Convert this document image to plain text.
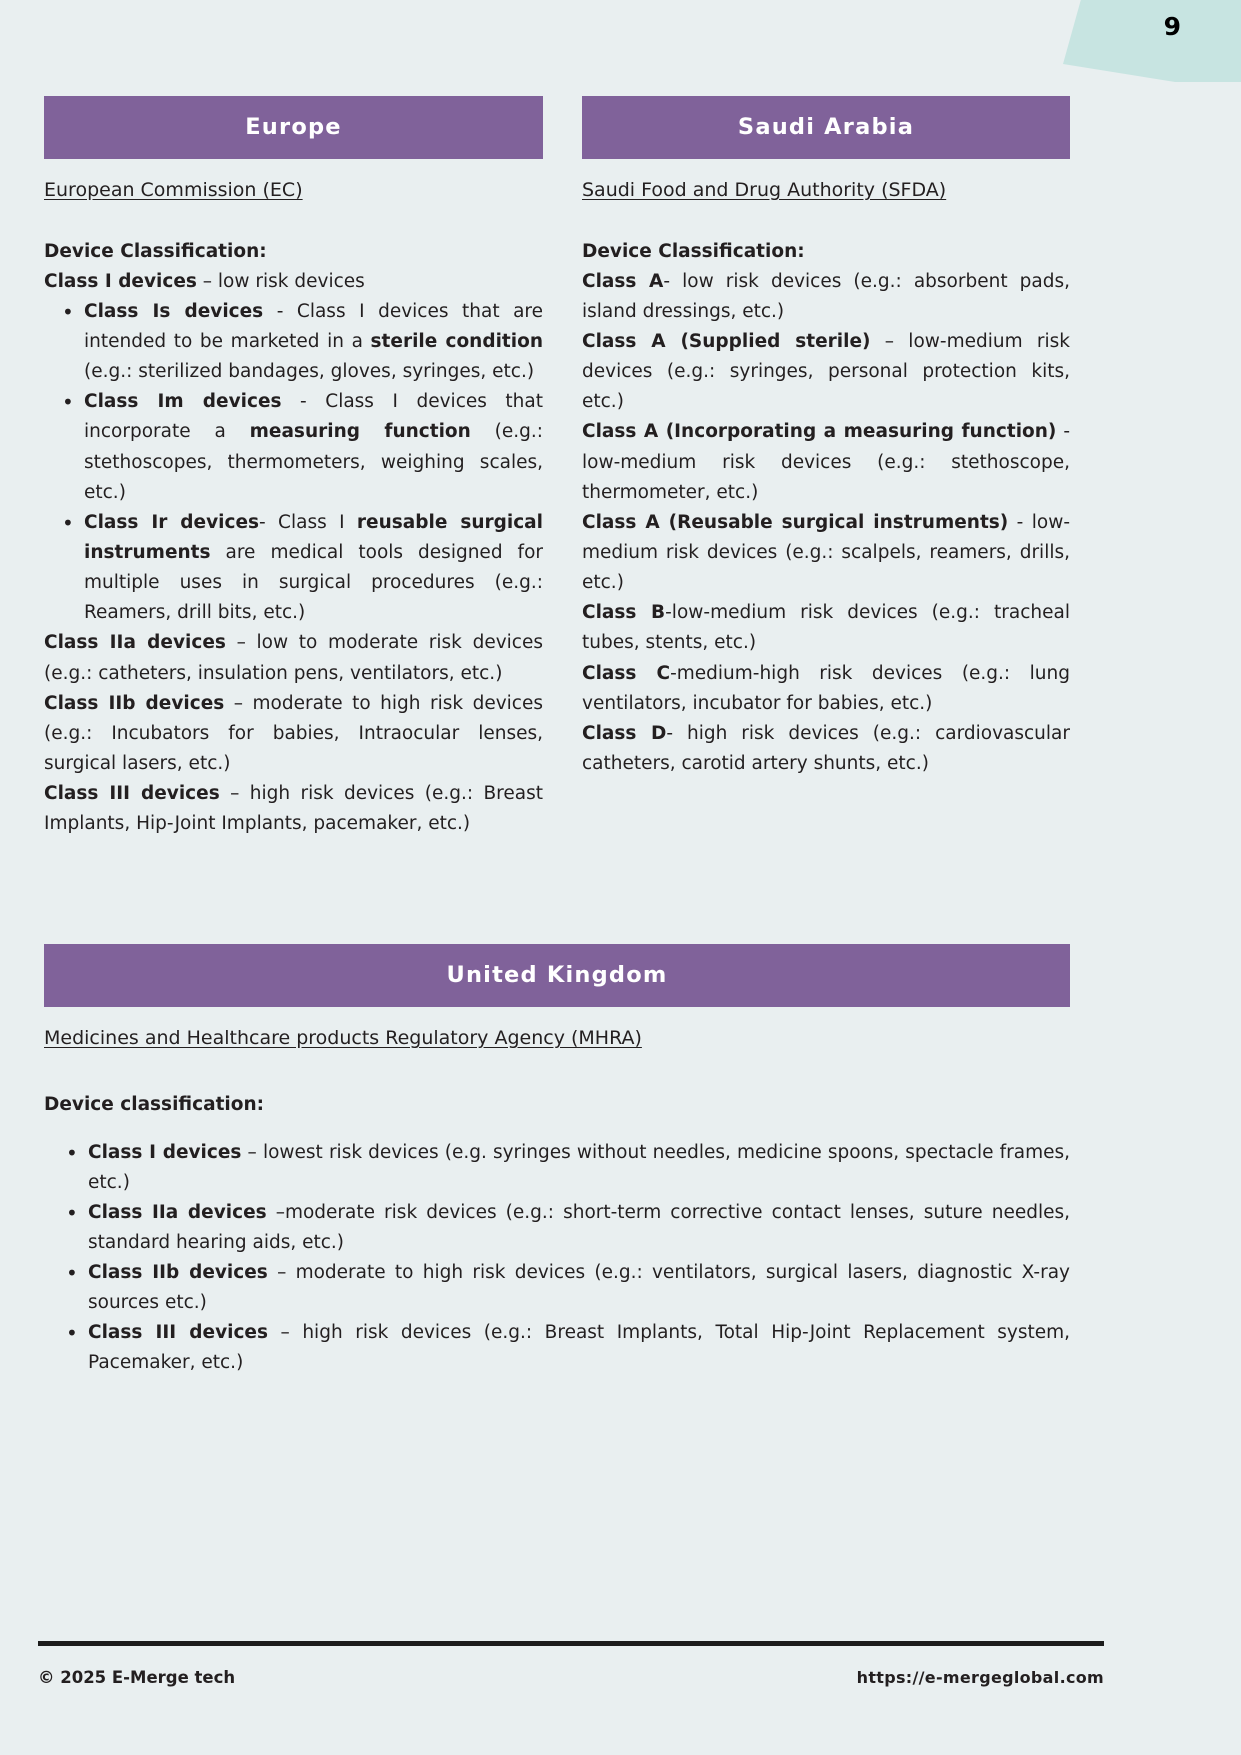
9
Europe
European Commission (EC)

Device Classification:

Class I devices – low risk devices

• Class Is devices - Class I devices that are intended to be marketed in a sterile condition (e.g.: sterilized bandages, gloves, syringes, etc.)
• Class Im devices - Class I devices that incorporate a measuring function (e.g.: stethoscopes, thermometers, weighing scales, etc.)
• Class Ir devices- Class I reusable surgical instruments are medical tools designed for multiple uses in surgical procedures (e.g.: Reamers, drill bits, etc.)

Class IIa devices – low to moderate risk devices (e.g.: catheters, insulation pens, ventilators, etc.)

Class IIb devices – moderate to high risk devices (e.g.: Incubators for babies, Intraocular lenses, surgical lasers, etc.)

Class III devices – high risk devices (e.g.: Breast Implants, Hip-Joint Implants, pacemaker, etc.)

Saudi Arabia
Saudi Food and Drug Authority (SFDA)

Device Classification:

Class A- low risk devices (e.g.: absorbent pads, island dressings, etc.)

Class A (Supplied sterile) – low-medium risk devices (e.g.: syringes, personal protection kits, etc.)

Class A (Incorporating a measuring function) - low-medium risk devices (e.g.: stethoscope, thermometer, etc.)

Class A (Reusable surgical instruments) - low-medium risk devices (e.g.: scalpels, reamers, drills, etc.)

Class B-low-medium risk devices (e.g.: tracheal tubes, stents, etc.)

Class C-medium-high risk devices (e.g.: lung ventilators, incubator for babies, etc.)

Class D- high risk devices (e.g.: cardiovascular catheters, carotid artery shunts, etc.)

United Kingdom
Medicines and Healthcare products Regulatory Agency (MHRA)

Device classification:

• Class I devices – lowest risk devices (e.g. syringes without needles, medicine spoons, spectacle frames, etc.)
• Class IIa devices –moderate risk devices (e.g.: short-term corrective contact lenses, suture needles, standard hearing aids, etc.)
• Class IIb devices – moderate to high risk devices (e.g.: ventilators, surgical lasers, diagnostic X-ray sources etc.)
• Class III devices – high risk devices (e.g.: Breast Implants, Total Hip-Joint Replacement system, Pacemaker, etc.)
© 2025 E-Merge tech	https://e-mergeglobal.com
